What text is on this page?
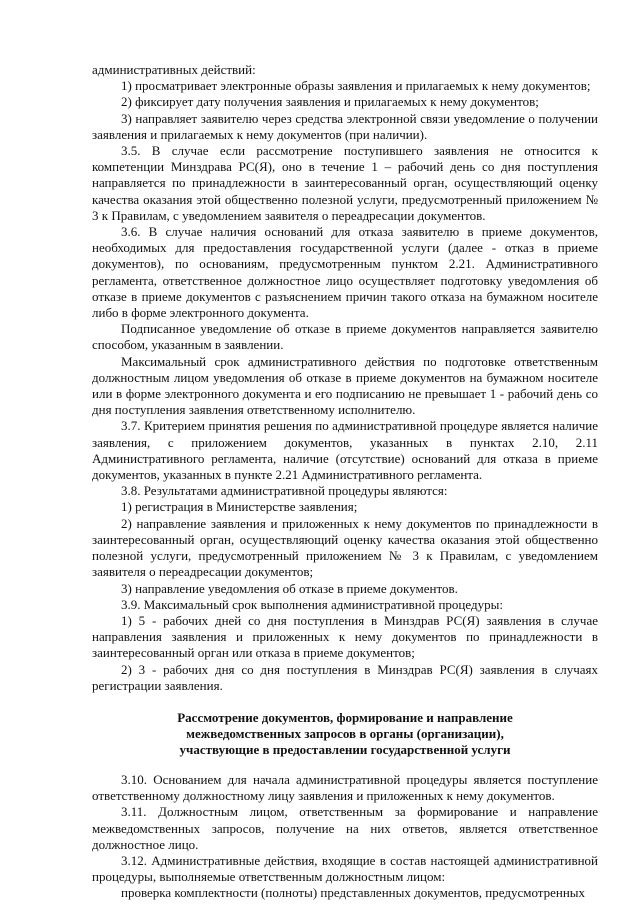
административных действий:

1) просматривает электронные образы заявления и прилагаемых к нему документов;

2) фиксирует дату получения заявления и прилагаемых к нему документов;

3) направляет заявителю через средства электронной связи уведомление о получении заявления и прилагаемых к нему документов (при наличии).

3.5. В случае если рассмотрение поступившего заявления не относится к компетенции Минздрава РС(Я), оно в течение 1 – рабочий день со дня поступления направляется по принадлежности в заинтересованный орган, осуществляющий оценку качества оказания этой общественно полезной услуги, предусмотренный приложением № 3 к Правилам, с уведомлением заявителя о переадресации документов.

3.6. В случае наличия оснований для отказа заявителю в приеме документов, необходимых для предоставления государственной услуги (далее - отказ в приеме документов), по основаниям, предусмотренным пунктом 2.21. Административного регламента, ответственное должностное лицо осуществляет подготовку уведомления об отказе в приеме документов с разъяснением причин такого отказа на бумажном носителе либо в форме электронного документа.

Подписанное уведомление об отказе в приеме документов направляется заявителю способом, указанным в заявлении.

Максимальный срок административного действия по подготовке ответственным должностным лицом уведомления об отказе в приеме документов на бумажном носителе или в форме электронного документа и его подписанию не превышает 1 - рабочий день со дня поступления заявления ответственному исполнителю.

3.7. Критерием принятия решения по административной процедуре является наличие заявления, с приложением документов, указанных в пунктах 2.10, 2.11 Административного регламента, наличие (отсутствие) оснований для отказа в приеме документов, указанных в пункте 2.21 Административного регламента.

3.8. Результатами административной процедуры являются:

1) регистрация в Министерстве заявления;

2) направление заявления и приложенных к нему документов по принадлежности в заинтересованный орган, осуществляющий оценку качества оказания этой общественно полезной услуги, предусмотренный приложением № 3 к Правилам, с уведомлением заявителя о переадресации документов;

3) направление уведомления об отказе в приеме документов.

3.9. Максимальный срок выполнения административной процедуры:

1) 5 - рабочих дней со дня поступления в Минздрав РС(Я) заявления в случае направления заявления и приложенных к нему документов по принадлежности в заинтересованный орган или отказа в приеме документов;

2) 3 - рабочих дня со дня поступления в Минздрав РС(Я) заявления в случаях регистрации заявления.

Рассмотрение документов, формирование и направление
межведомственных запросов в органы (организации),
участвующие в предоставлении государственной услуги

3.10. Основанием для начала административной процедуры является поступление ответственному должностному лицу заявления и приложенных к нему документов.

3.11. Должностным лицом, ответственным за формирование и направление межведомственных запросов, получение на них ответов, является ответственное должностное лицо.

3.12. Административные действия, входящие в состав настоящей административной процедуры, выполняемые ответственным должностным лицом:

проверка комплектности (полноты) представленных документов, предусмотренных
